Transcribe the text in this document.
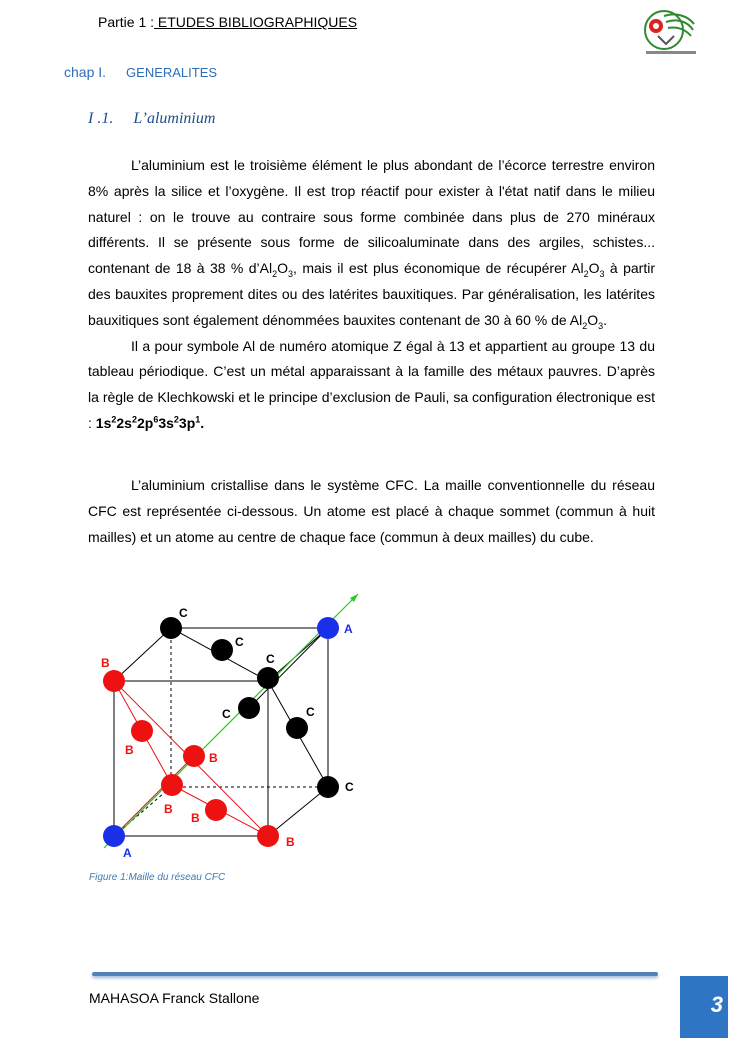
Partie 1 : ETUDES BIBLIOGRAPHIQUES
chap I. GENERALITES
I .1. L’aluminium

L’aluminium est le troisième élément le plus abondant de l’écorce terrestre environ 8% après la silice et l’oxygène. Il est trop réactif pour exister à l'état natif dans le milieu naturel : on le trouve au contraire sous forme combinée dans plus de 270 minéraux différents. Il se présente sous forme de silicoaluminate dans des argiles, schistes... contenant de 18 à 38 % $d’Al_2O_3$, mais il est plus économique de récupérer $Al_2O_3$ à partir des bauxites proprement dites ou des latérites bauxitiques. Par généralisation, les latérites bauxitiques sont également dénommées bauxites contenant de 30 à 60 % de $Al_2O_3$.

Il a pour symbole Al de numéro atomique Z égal à 13 et appartient au groupe 13 du tableau périodique. C’est un métal apparaissant à la famille des métaux pauvres. D’après la règle de Klechkowski et le principe d’exclusion de Pauli, sa configuration électronique est : $1s^22s^22p^63s^23p^1$.

L’aluminium cristallise dans le système CFC. La maille conventionnelle du réseau CFC est représentée ci-dessous. Un atome est placé à chaque sommet (commun à huit mailles) et un atome au centre de chaque face (commun à deux mailles) du cube.

C
C
C
C	C
C
A
A
B
B
B
B
B
B
Figure 1:Maille du réseau CFC
MAHASOA Franck Stallone	3
